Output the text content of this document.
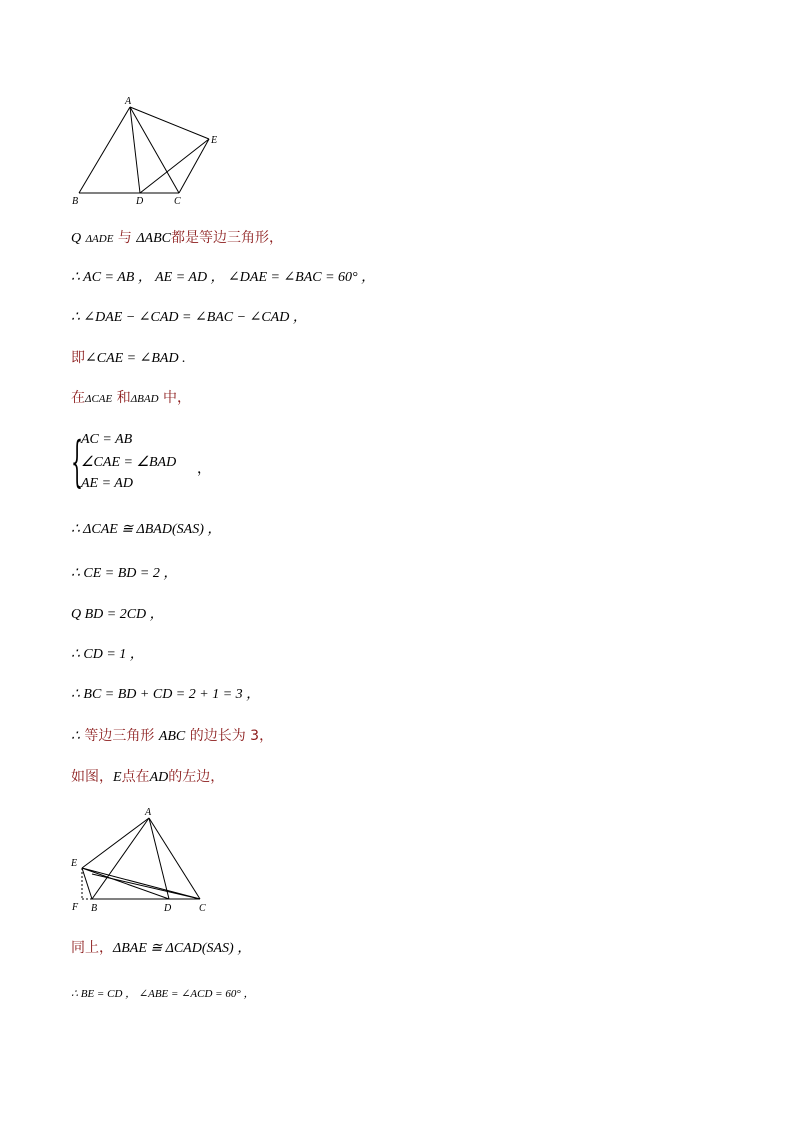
A
B	D	C
E
Q ΔADE 与 ΔABC都是等边三角形，
∴ AC = AB ， AE = AD ， ∠DAE = ∠BAC = 60° ，
∴ ∠DAE − ∠CAD = ∠BAC − ∠CAD ，
即∠CAE = ∠BAD .
在ΔCAE 和ΔBAD 中，
{
AC = AB
∠CAE = ∠BAD
AE = AD
，
∴ ΔCAE ≅ ΔBAD(SAS) ，
∴ CE = BD = 2 ，
Q BD = 2CD ，
∴ CD = 1 ，
∴ BC = BD + CD = 2 + 1 = 3 ，
∴ 等边三角形 ABC 的边长为 3，
如图，E点在AD的左边，
A
E
F B	D	C
同上，ΔBAE ≅ ΔCAD(SAS) ，
∴ BE = CD ， ∠ABE = ∠ACD = 60° ，
